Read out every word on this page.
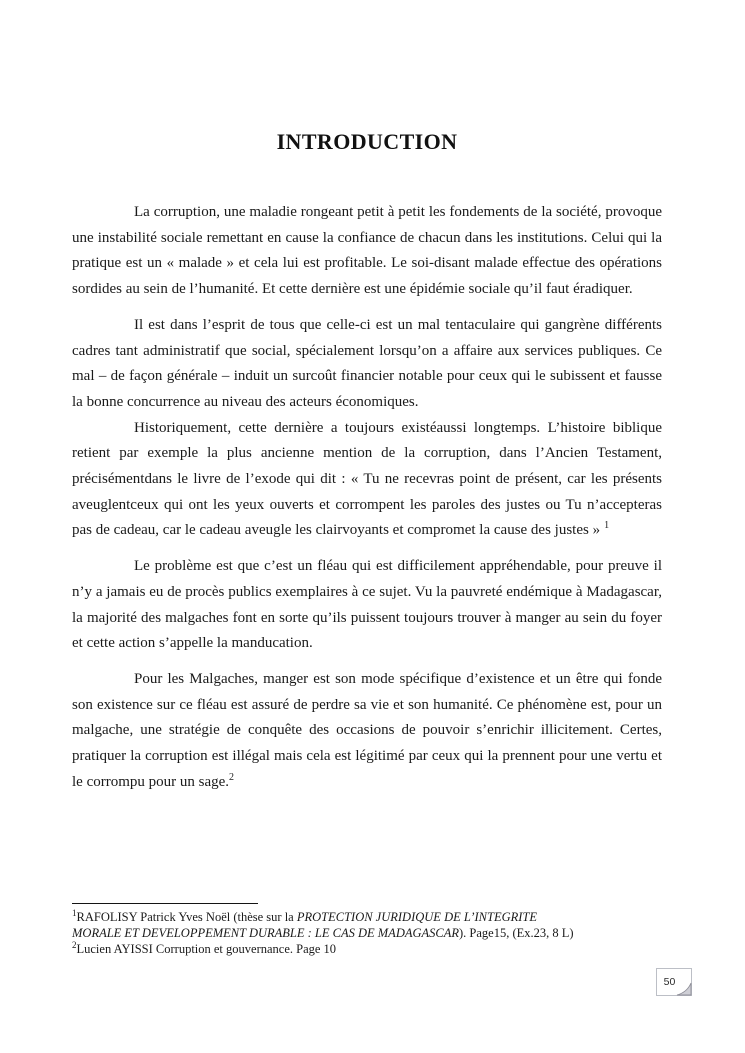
INTRODUCTION

La corruption, une maladie rongeant petit à petit les fondements de la société, provoque une instabilité sociale remettant en cause la confiance de chacun dans les institutions. Celui qui la pratique est un « malade » et cela lui est profitable. Le soi-disant malade effectue des opérations sordides au sein de l’humanité. Et cette dernière est une épidémie sociale qu’il faut éradiquer.

Il est dans l’esprit de tous que celle-ci est un mal tentaculaire qui gangrène différents cadres tant administratif que social, spécialement lorsqu’on a affaire aux services publiques. Ce mal – de façon générale – induit un surcoût financier notable pour ceux qui le subissent et fausse la bonne concurrence au niveau des acteurs économiques.

Historiquement, cette dernière a toujours existéaussi longtemps. L’histoire biblique retient par exemple la plus ancienne mention de la corruption, dans l’Ancien Testament, précisémentdans le livre de l’exode qui dit : « Tu ne recevras point de présent, car les présents aveuglentceux qui ont les yeux ouverts et corrompent les paroles des justes ou Tu n’accepteras pas de cadeau, car le cadeau aveugle les clairvoyants et compromet la cause des justes » $^1$

Le problème est que c’est un fléau qui est difficilement appréhendable, pour preuve il n’y a jamais eu de procès publics exemplaires à ce sujet. Vu la pauvreté endémique à Madagascar, la majorité des malgaches font en sorte qu’ils puissent toujours trouver à manger au sein du foyer et cette action s’appelle la manducation.

Pour les Malgaches, manger est son mode spécifique d’existence et un être qui fonde son existence sur ce fléau est assuré de perdre sa vie et son humanité. Ce phénomène est, pour un malgache, une stratégie de conquête des occasions de pouvoir s’enrichir illicitement. Certes, pratiquer la corruption est illégal mais cela est légitimé par ceux qui la prennent pour une vertu et le corrompu pour un sage.$^2$

$^1$RAFOLISY Patrick Yves Noël (thèse sur la PROTECTION JURIDIQUE DE L’INTEGRITE
MORALE ET DEVELOPPEMENT DURABLE : LE CAS DE MADAGASCAR). Page15, (Ex.23, 8 L)
$^2$Lucien AYISSI Corruption et gouvernance. Page 10
50
